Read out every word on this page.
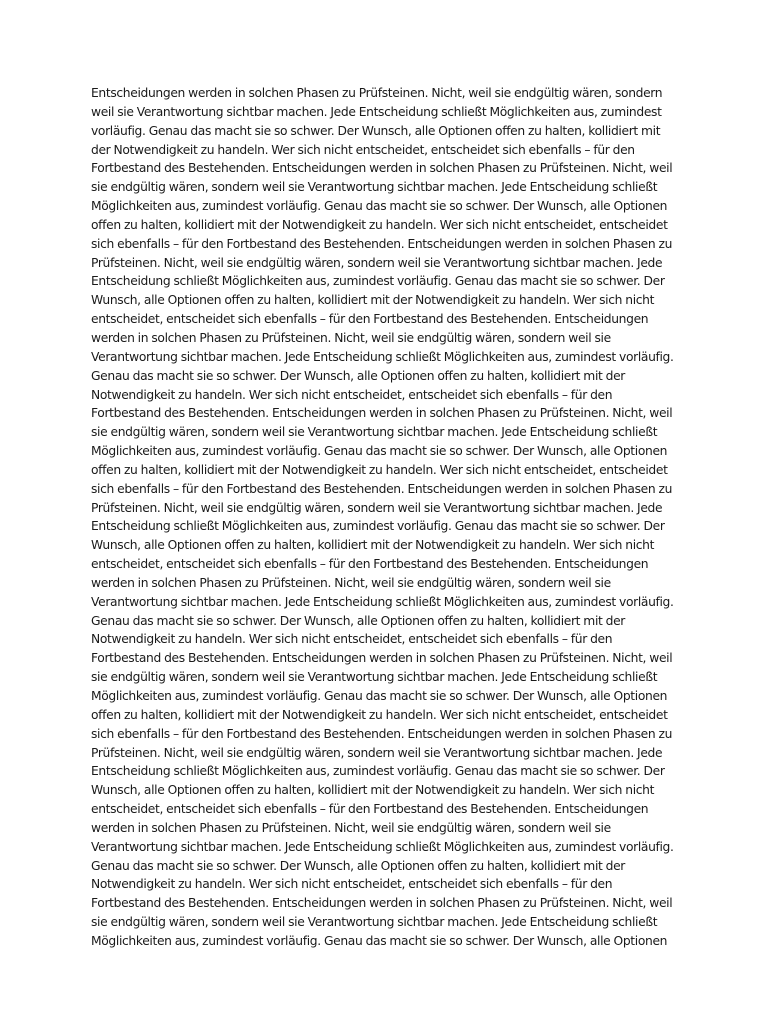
Entscheidungen werden in solchen Phasen zu Prüfsteinen. Nicht, weil sie endgültig wären, sondern
weil sie Verantwortung sichtbar machen. Jede Entscheidung schließt Möglichkeiten aus, zumindest
vorläufig. Genau das macht sie so schwer. Der Wunsch, alle Optionen offen zu halten, kollidiert mit
der Notwendigkeit zu handeln. Wer sich nicht entscheidet, entscheidet sich ebenfalls – für den
Fortbestand des Bestehenden. Entscheidungen werden in solchen Phasen zu Prüfsteinen. Nicht, weil
sie endgültig wären, sondern weil sie Verantwortung sichtbar machen. Jede Entscheidung schließt
Möglichkeiten aus, zumindest vorläufig. Genau das macht sie so schwer. Der Wunsch, alle Optionen
offen zu halten, kollidiert mit der Notwendigkeit zu handeln. Wer sich nicht entscheidet, entscheidet
sich ebenfalls – für den Fortbestand des Bestehenden. Entscheidungen werden in solchen Phasen zu
Prüfsteinen. Nicht, weil sie endgültig wären, sondern weil sie Verantwortung sichtbar machen. Jede
Entscheidung schließt Möglichkeiten aus, zumindest vorläufig. Genau das macht sie so schwer. Der
Wunsch, alle Optionen offen zu halten, kollidiert mit der Notwendigkeit zu handeln. Wer sich nicht
entscheidet, entscheidet sich ebenfalls – für den Fortbestand des Bestehenden. Entscheidungen
werden in solchen Phasen zu Prüfsteinen. Nicht, weil sie endgültig wären, sondern weil sie
Verantwortung sichtbar machen. Jede Entscheidung schließt Möglichkeiten aus, zumindest vorläufig.
Genau das macht sie so schwer. Der Wunsch, alle Optionen offen zu halten, kollidiert mit der
Notwendigkeit zu handeln. Wer sich nicht entscheidet, entscheidet sich ebenfalls – für den
Fortbestand des Bestehenden. Entscheidungen werden in solchen Phasen zu Prüfsteinen. Nicht, weil
sie endgültig wären, sondern weil sie Verantwortung sichtbar machen. Jede Entscheidung schließt
Möglichkeiten aus, zumindest vorläufig. Genau das macht sie so schwer. Der Wunsch, alle Optionen
offen zu halten, kollidiert mit der Notwendigkeit zu handeln. Wer sich nicht entscheidet, entscheidet
sich ebenfalls – für den Fortbestand des Bestehenden. Entscheidungen werden in solchen Phasen zu
Prüfsteinen. Nicht, weil sie endgültig wären, sondern weil sie Verantwortung sichtbar machen. Jede
Entscheidung schließt Möglichkeiten aus, zumindest vorläufig. Genau das macht sie so schwer. Der
Wunsch, alle Optionen offen zu halten, kollidiert mit der Notwendigkeit zu handeln. Wer sich nicht
entscheidet, entscheidet sich ebenfalls – für den Fortbestand des Bestehenden. Entscheidungen
werden in solchen Phasen zu Prüfsteinen. Nicht, weil sie endgültig wären, sondern weil sie
Verantwortung sichtbar machen. Jede Entscheidung schließt Möglichkeiten aus, zumindest vorläufig.
Genau das macht sie so schwer. Der Wunsch, alle Optionen offen zu halten, kollidiert mit der
Notwendigkeit zu handeln. Wer sich nicht entscheidet, entscheidet sich ebenfalls – für den
Fortbestand des Bestehenden. Entscheidungen werden in solchen Phasen zu Prüfsteinen. Nicht, weil
sie endgültig wären, sondern weil sie Verantwortung sichtbar machen. Jede Entscheidung schließt
Möglichkeiten aus, zumindest vorläufig. Genau das macht sie so schwer. Der Wunsch, alle Optionen
offen zu halten, kollidiert mit der Notwendigkeit zu handeln. Wer sich nicht entscheidet, entscheidet
sich ebenfalls – für den Fortbestand des Bestehenden. Entscheidungen werden in solchen Phasen zu
Prüfsteinen. Nicht, weil sie endgültig wären, sondern weil sie Verantwortung sichtbar machen. Jede
Entscheidung schließt Möglichkeiten aus, zumindest vorläufig. Genau das macht sie so schwer. Der
Wunsch, alle Optionen offen zu halten, kollidiert mit der Notwendigkeit zu handeln. Wer sich nicht
entscheidet, entscheidet sich ebenfalls – für den Fortbestand des Bestehenden. Entscheidungen
werden in solchen Phasen zu Prüfsteinen. Nicht, weil sie endgültig wären, sondern weil sie
Verantwortung sichtbar machen. Jede Entscheidung schließt Möglichkeiten aus, zumindest vorläufig.
Genau das macht sie so schwer. Der Wunsch, alle Optionen offen zu halten, kollidiert mit der
Notwendigkeit zu handeln. Wer sich nicht entscheidet, entscheidet sich ebenfalls – für den
Fortbestand des Bestehenden. Entscheidungen werden in solchen Phasen zu Prüfsteinen. Nicht, weil
sie endgültig wären, sondern weil sie Verantwortung sichtbar machen. Jede Entscheidung schließt
Möglichkeiten aus, zumindest vorläufig. Genau das macht sie so schwer. Der Wunsch, alle Optionen
